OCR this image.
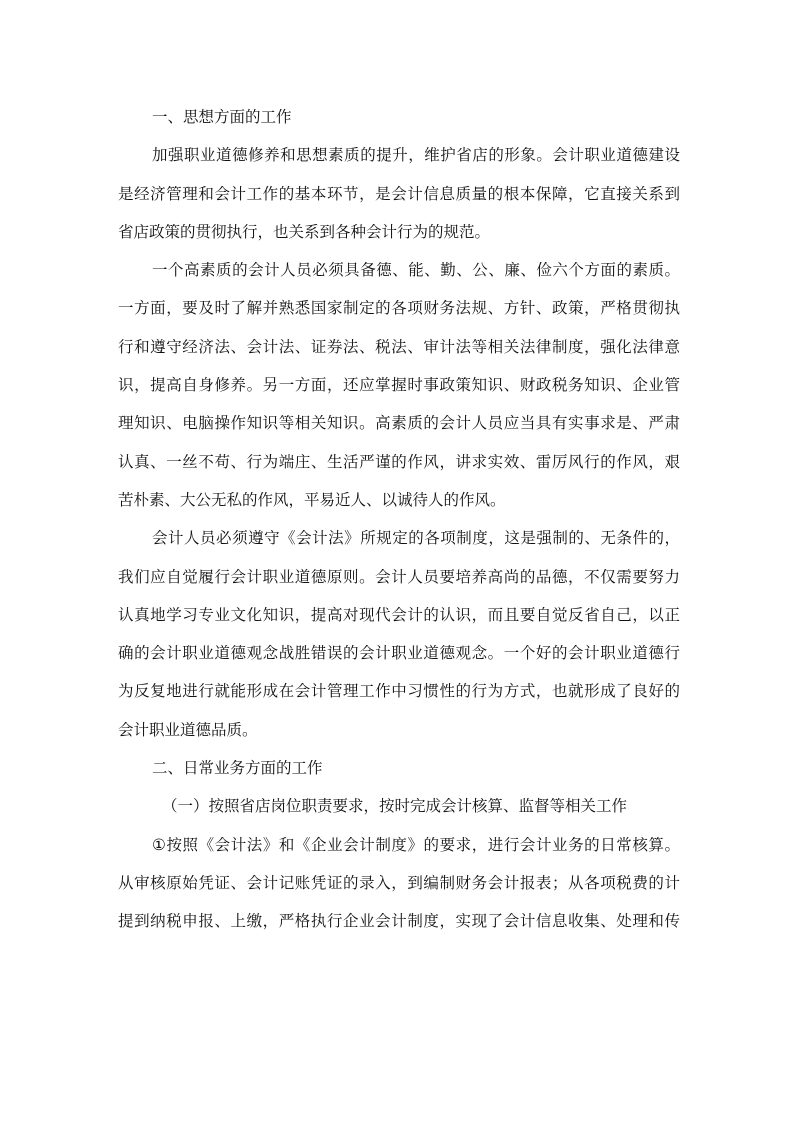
一、思想方面的工作
加强职业道德修养和思想素质的提升，维护省店的形象。会计职业道德建设
是经济管理和会计工作的基本环节，是会计信息质量的根本保障，它直接关系到
省店政策的贯彻执行，也关系到各种会计行为的规范。
一个高素质的会计人员必须具备德、能、勤、公、廉、俭六个方面的素质。
一方面，要及时了解并熟悉国家制定的各项财务法规、方针、政策，严格贯彻执
行和遵守经济法、会计法、证券法、税法、审计法等相关法律制度，强化法律意
识，提高自身修养。另一方面，还应掌握时事政策知识、财政税务知识、企业管
理知识、电脑操作知识等相关知识。高素质的会计人员应当具有实事求是、严肃
认真、一丝不苟、行为端庄、生活严谨的作风，讲求实效、雷厉风行的作风，艰
苦朴素、大公无私的作风，平易近人、以诚待人的作风。
会计人员必须遵守《会计法》所规定的各项制度，这是强制的、无条件的，
我们应自觉履行会计职业道德原则。会计人员要培养高尚的品德，不仅需要努力
认真地学习专业文化知识，提高对现代会计的认识，而且要自觉反省自己，以正
确的会计职业道德观念战胜错误的会计职业道德观念。一个好的会计职业道德行
为反复地进行就能形成在会计管理工作中习惯性的行为方式，也就形成了良好的
会计职业道德品质。
二、日常业务方面的工作
（一）按照省店岗位职责要求，按时完成会计核算、监督等相关工作
①按照《会计法》和《企业会计制度》的要求，进行会计业务的日常核算。
从审核原始凭证、会计记账凭证的录入，到编制财务会计报表；从各项税费的计
提到纳税申报、上缴，严格执行企业会计制度，实现了会计信息收集、处理和传
